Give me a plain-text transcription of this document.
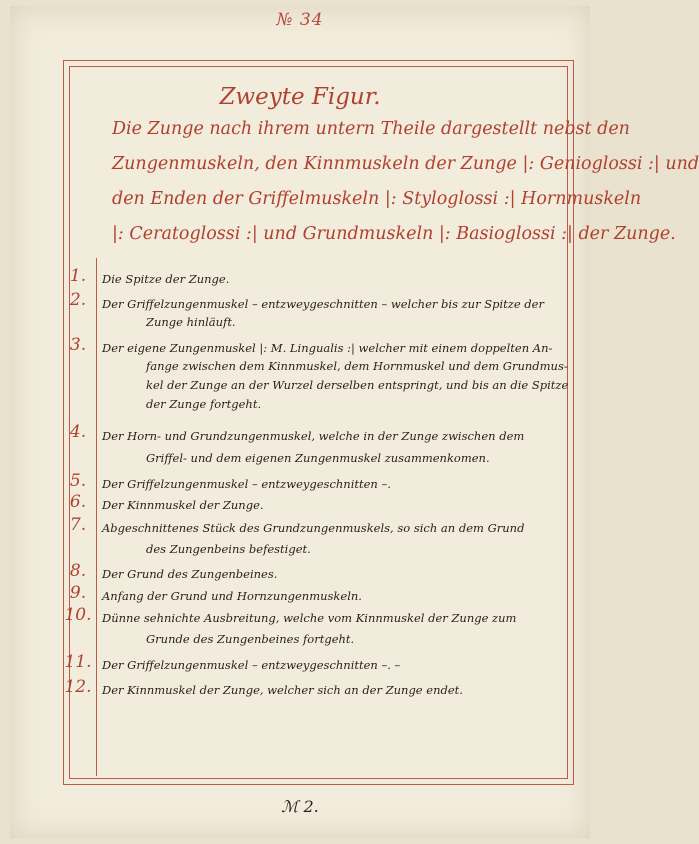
№ 34
Zweyte Figur.
Die Zunge nach ihrem untern Theile dargestellt nebst den
Zungenmuskeln, den Kinnmuskeln der Zunge |: Genioglossi :| und
den Enden der Griffelmuskeln |: Styloglossi :| Hornmuskeln
|: Ceratoglossi :| und Grundmuskeln |: Basioglossi :| der Zunge.
1.	Die Spitze der Zunge.
2.	Der Griffelzungenmuskel – entzweygeschnitten – welcher bis zur Spitze der
Zunge hinläuft.
3.	Der eigene Zungenmuskel |: M. Lingualis :| welcher mit einem doppelten An-
fange zwischen dem Kinnmuskel, dem Hornmuskel und dem Grundmus-
kel der Zunge an der Wurzel derselben entspringt, und bis an die Spitze
der Zunge fortgeht.
4.	Der Horn- und Grundzungenmuskel, welche in der Zunge zwischen dem
Griffel- und dem eigenen Zungenmuskel zusammenkomen.
5.	Der Griffelzungenmuskel – entzweygeschnitten –.
6.	Der Kinnmuskel der Zunge.
7.	Abgeschnittenes Stück des Grundzungenmuskels, so sich an dem Grund
des Zungenbeins befestiget.
8.	Der Grund des Zungenbeines.
9.	Anfang der Grund und Hornzungenmuskeln.
10. Dünne sehnichte Ausbreitung, welche vom Kinnmuskel der Zunge zum
Grunde des Zungenbeines fortgeht.
11. Der Griffelzungenmuskel – entzweygeschnitten –. –
12. Der Kinnmuskel der Zunge, welcher sich an der Zunge endet.
ℳ 2.
